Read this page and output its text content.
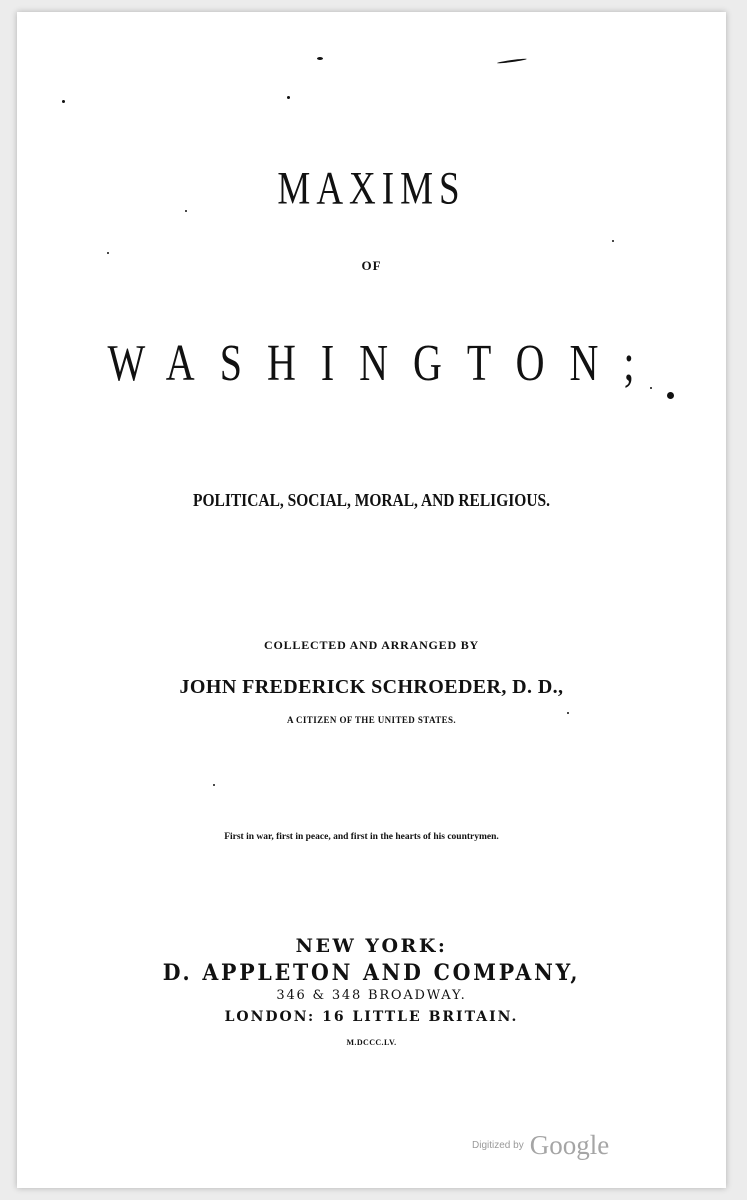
MAXIMS
OF
WASHINGTON;
POLITICAL, SOCIAL, MORAL, AND RELIGIOUS.
COLLECTED AND ARRANGED BY
JOHN FREDERICK SCHROEDER, D. D.,
A CITIZEN OF THE UNITED STATES.
First in war, first in peace, and first in the hearts of his countrymen.
NEW YORK:
D. APPLETON AND COMPANY,
346 & 348 BROADWAY.
LONDON: 16 LITTLE BRITAIN.
M.DCCC.LV.
Digitized by Google
